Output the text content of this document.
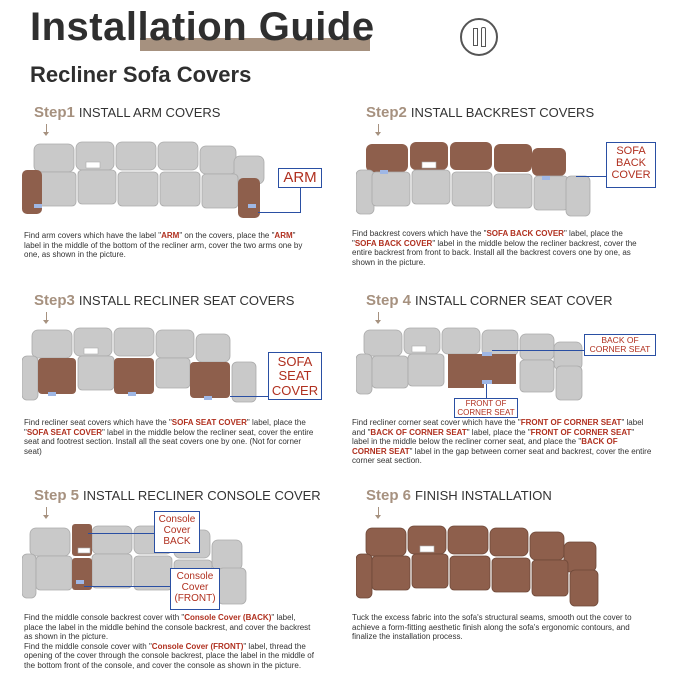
Installation Guide
Recliner Sofa Covers
Step1 INSTALL ARM COVERS
ARM
Find arm covers which have the label "ARM" on the covers, place the "ARM" label in the middle of the bottom of the recliner arm, cover the two arms one by one, as shown in the picture.
Step2 INSTALL BACKREST COVERS
SOFA BACK COVER
Find backrest covers which have the "SOFA BACK COVER" label, place the "SOFA BACK COVER" label in the middle below the recliner backrest, cover the entire backrest from front to back. Install all the backrest covers one by one, as shown in the picture.
Step3 INSTALL RECLINER SEAT COVERS
SOFA SEAT COVER
Find recliner seat covers which have the "SOFA SEAT COVER" label, place the "SOFA SEAT COVER" label in the middle below the recliner seat, cover the entire seat and footrest section. Install all the seat covers one by one. (Not for corner seat)
Step 4 INSTALL CORNER SEAT COVER
BACK OF CORNER SEAT
FRONT OF CORNER SEAT
Find recliner corner seat cover which have the "FRONT OF CORNER SEAT" label and "BACK OF CORNER SEAT" label, place the "FRONT OF CORNER SEAT" label in the middle below the recliner corner seat, and place the "BACK OF CORNER SEAT" label in the gap between corner seat and backrest, cover the entire corner seat section.
Step 5 INSTALL RECLINER CONSOLE COVER
Console Cover BACK
Console Cover (FRONT)
Find the middle console backrest cover with "Console Cover (BACK)" label, place the label in the middle behind the console backrest, and cover the backrest as shown in the picture.
Find the middle console cover with "Console Cover (FRONT)" label, thread the opening of the cover through the console backrest, place the label in the middle of the bottom front of the console, and cover the console as shown in the picture.
Step 6 FINISH INSTALLATION
Tuck the excess fabric into the sofa's structural seams, smooth out the cover to achieve a form-fitting aesthetic finish along the sofa's ergonomic contours, and finalize the installation process.
